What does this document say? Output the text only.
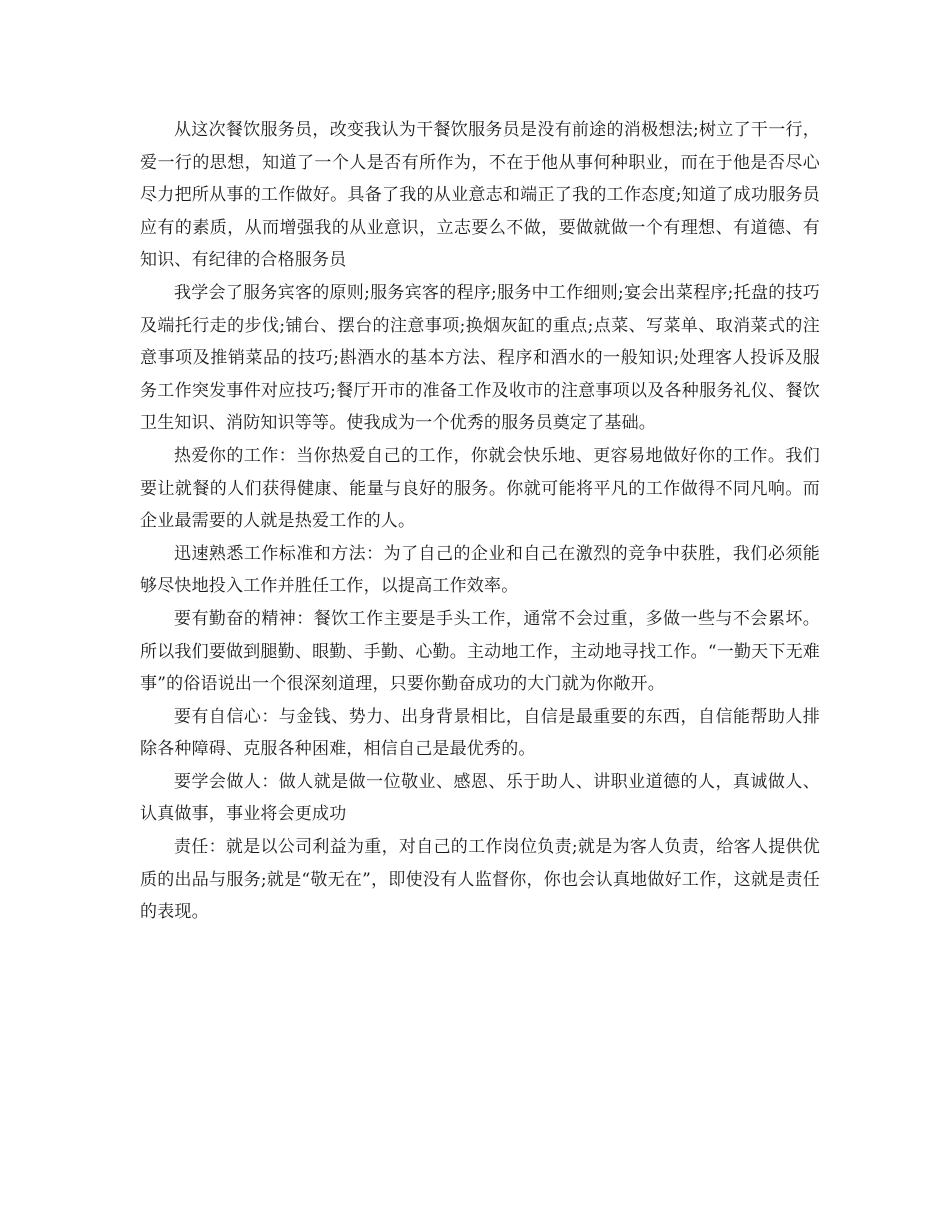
从这次餐饮服务员，改变我认为干餐饮服务员是没有前途的消极想法;树立了干一行，爱一行的思想，知道了一个人是否有所作为，不在于他从事何种职业，而在于他是否尽心尽力把所从事的工作做好。具备了我的从业意志和端正了我的工作态度;知道了成功服务员应有的素质，从而增强我的从业意识，立志要么不做，要做就做一个有理想、有道德、有知识、有纪律的合格服务员

我学会了服务宾客的原则;服务宾客的程序;服务中工作细则;宴会出菜程序;托盘的技巧及端托行走的步伐;铺台、摆台的注意事项;换烟灰缸的重点;点菜、写菜单、取消菜式的注意事项及推销菜品的技巧;斟酒水的基本方法、程序和酒水的一般知识;处理客人投诉及服务工作突发事件对应技巧;餐厅开市的准备工作及收市的注意事项以及各种服务礼仪、餐饮卫生知识、消防知识等等。使我成为一个优秀的服务员奠定了基础。

热爱你的工作：当你热爱自己的工作，你就会快乐地、更容易地做好你的工作。我们要让就餐的人们获得健康、能量与良好的服务。你就可能将平凡的工作做得不同凡响。而企业最需要的人就是热爱工作的人。

迅速熟悉工作标准和方法：为了自己的企业和自己在激烈的竞争中获胜，我们必须能够尽快地投入工作并胜任工作，以提高工作效率。

要有勤奋的精神：餐饮工作主要是手头工作，通常不会过重，多做一些与不会累坏。所以我们要做到腿勤、眼勤、手勤、心勤。主动地工作，主动地寻找工作。“一勤天下无难事”的俗语说出一个很深刻道理，只要你勤奋成功的大门就为你敞开。

要有自信心：与金钱、势力、出身背景相比，自信是最重要的东西，自信能帮助人排除各种障碍、克服各种困难，相信自己是最优秀的。

要学会做人：做人就是做一位敬业、感恩、乐于助人、讲职业道德的人，真诚做人、认真做事，事业将会更成功

责任：就是以公司利益为重，对自己的工作岗位负责;就是为客人负责，给客人提供优质的出品与服务;就是“敬无在”，即使没有人监督你，你也会认真地做好工作，这就是责任的表现。
